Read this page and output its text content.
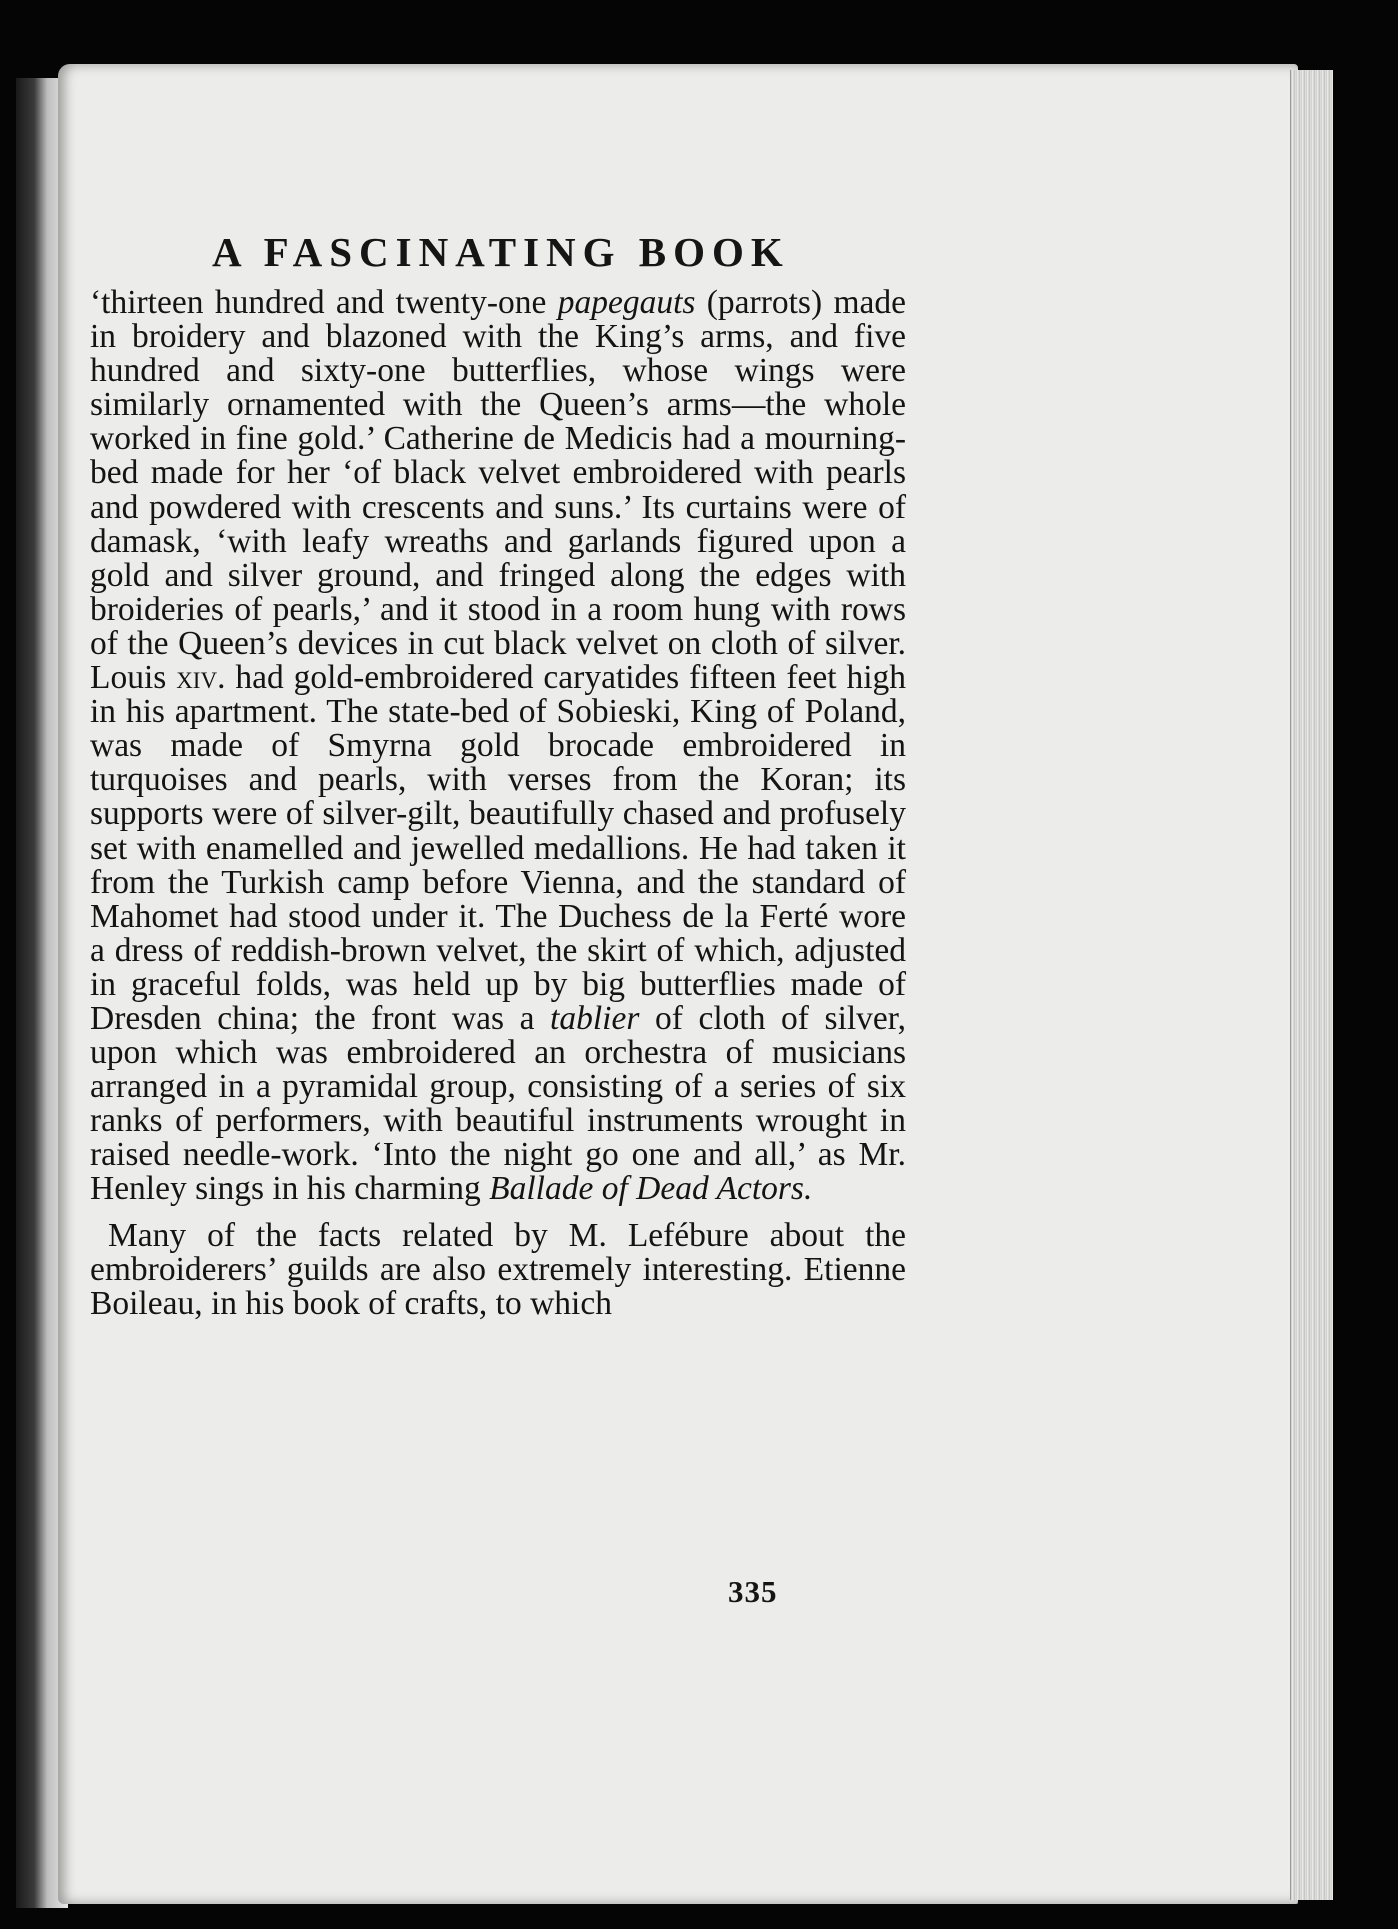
A FASCINATING BOOK

‘thirteen hundred and twenty-one papegauts (parrots) made in broidery and blazoned with the King’s arms, and five hundred and sixty-one butterflies, whose wings were similarly ornamented with the Queen’s arms—the whole worked in fine gold.’ Catherine de Medicis had a mourning-bed made for her ‘of black velvet embroidered with pearls and powdered with crescents and suns.’ Its curtains were of damask, ‘with leafy wreaths and garlands figured upon a gold and silver ground, and fringed along the edges with broideries of pearls,’ and it stood in a room hung with rows of the Queen’s devices in cut black velvet on cloth of silver. Louis xiv. had gold-embroidered caryatides fifteen feet high in his apartment. The state-bed of Sobieski, King of Poland, was made of Smyrna gold brocade embroidered in turquoises and pearls, with verses from the Koran; its supports were of silver-gilt, beautifully chased and profusely set with enamelled and jewelled medallions. He had taken it from the Turkish camp before Vienna, and the standard of Mahomet had stood under it. The Duchess de la Ferté wore a dress of reddish-brown velvet, the skirt of which, adjusted in graceful folds, was held up by big butterflies made of Dresden china; the front was a tablier of cloth of silver, upon which was embroidered an orchestra of musicians arranged in a pyramidal group, consisting of a series of six ranks of performers, with beautiful instruments wrought in raised needle-work. ‘Into the night go one and all,’ as Mr. Henley sings in his charming Ballade of Dead Actors.

Many of the facts related by M. Lefébure about the embroiderers’ guilds are also extremely interesting. Etienne Boileau, in his book of crafts, to which

335
